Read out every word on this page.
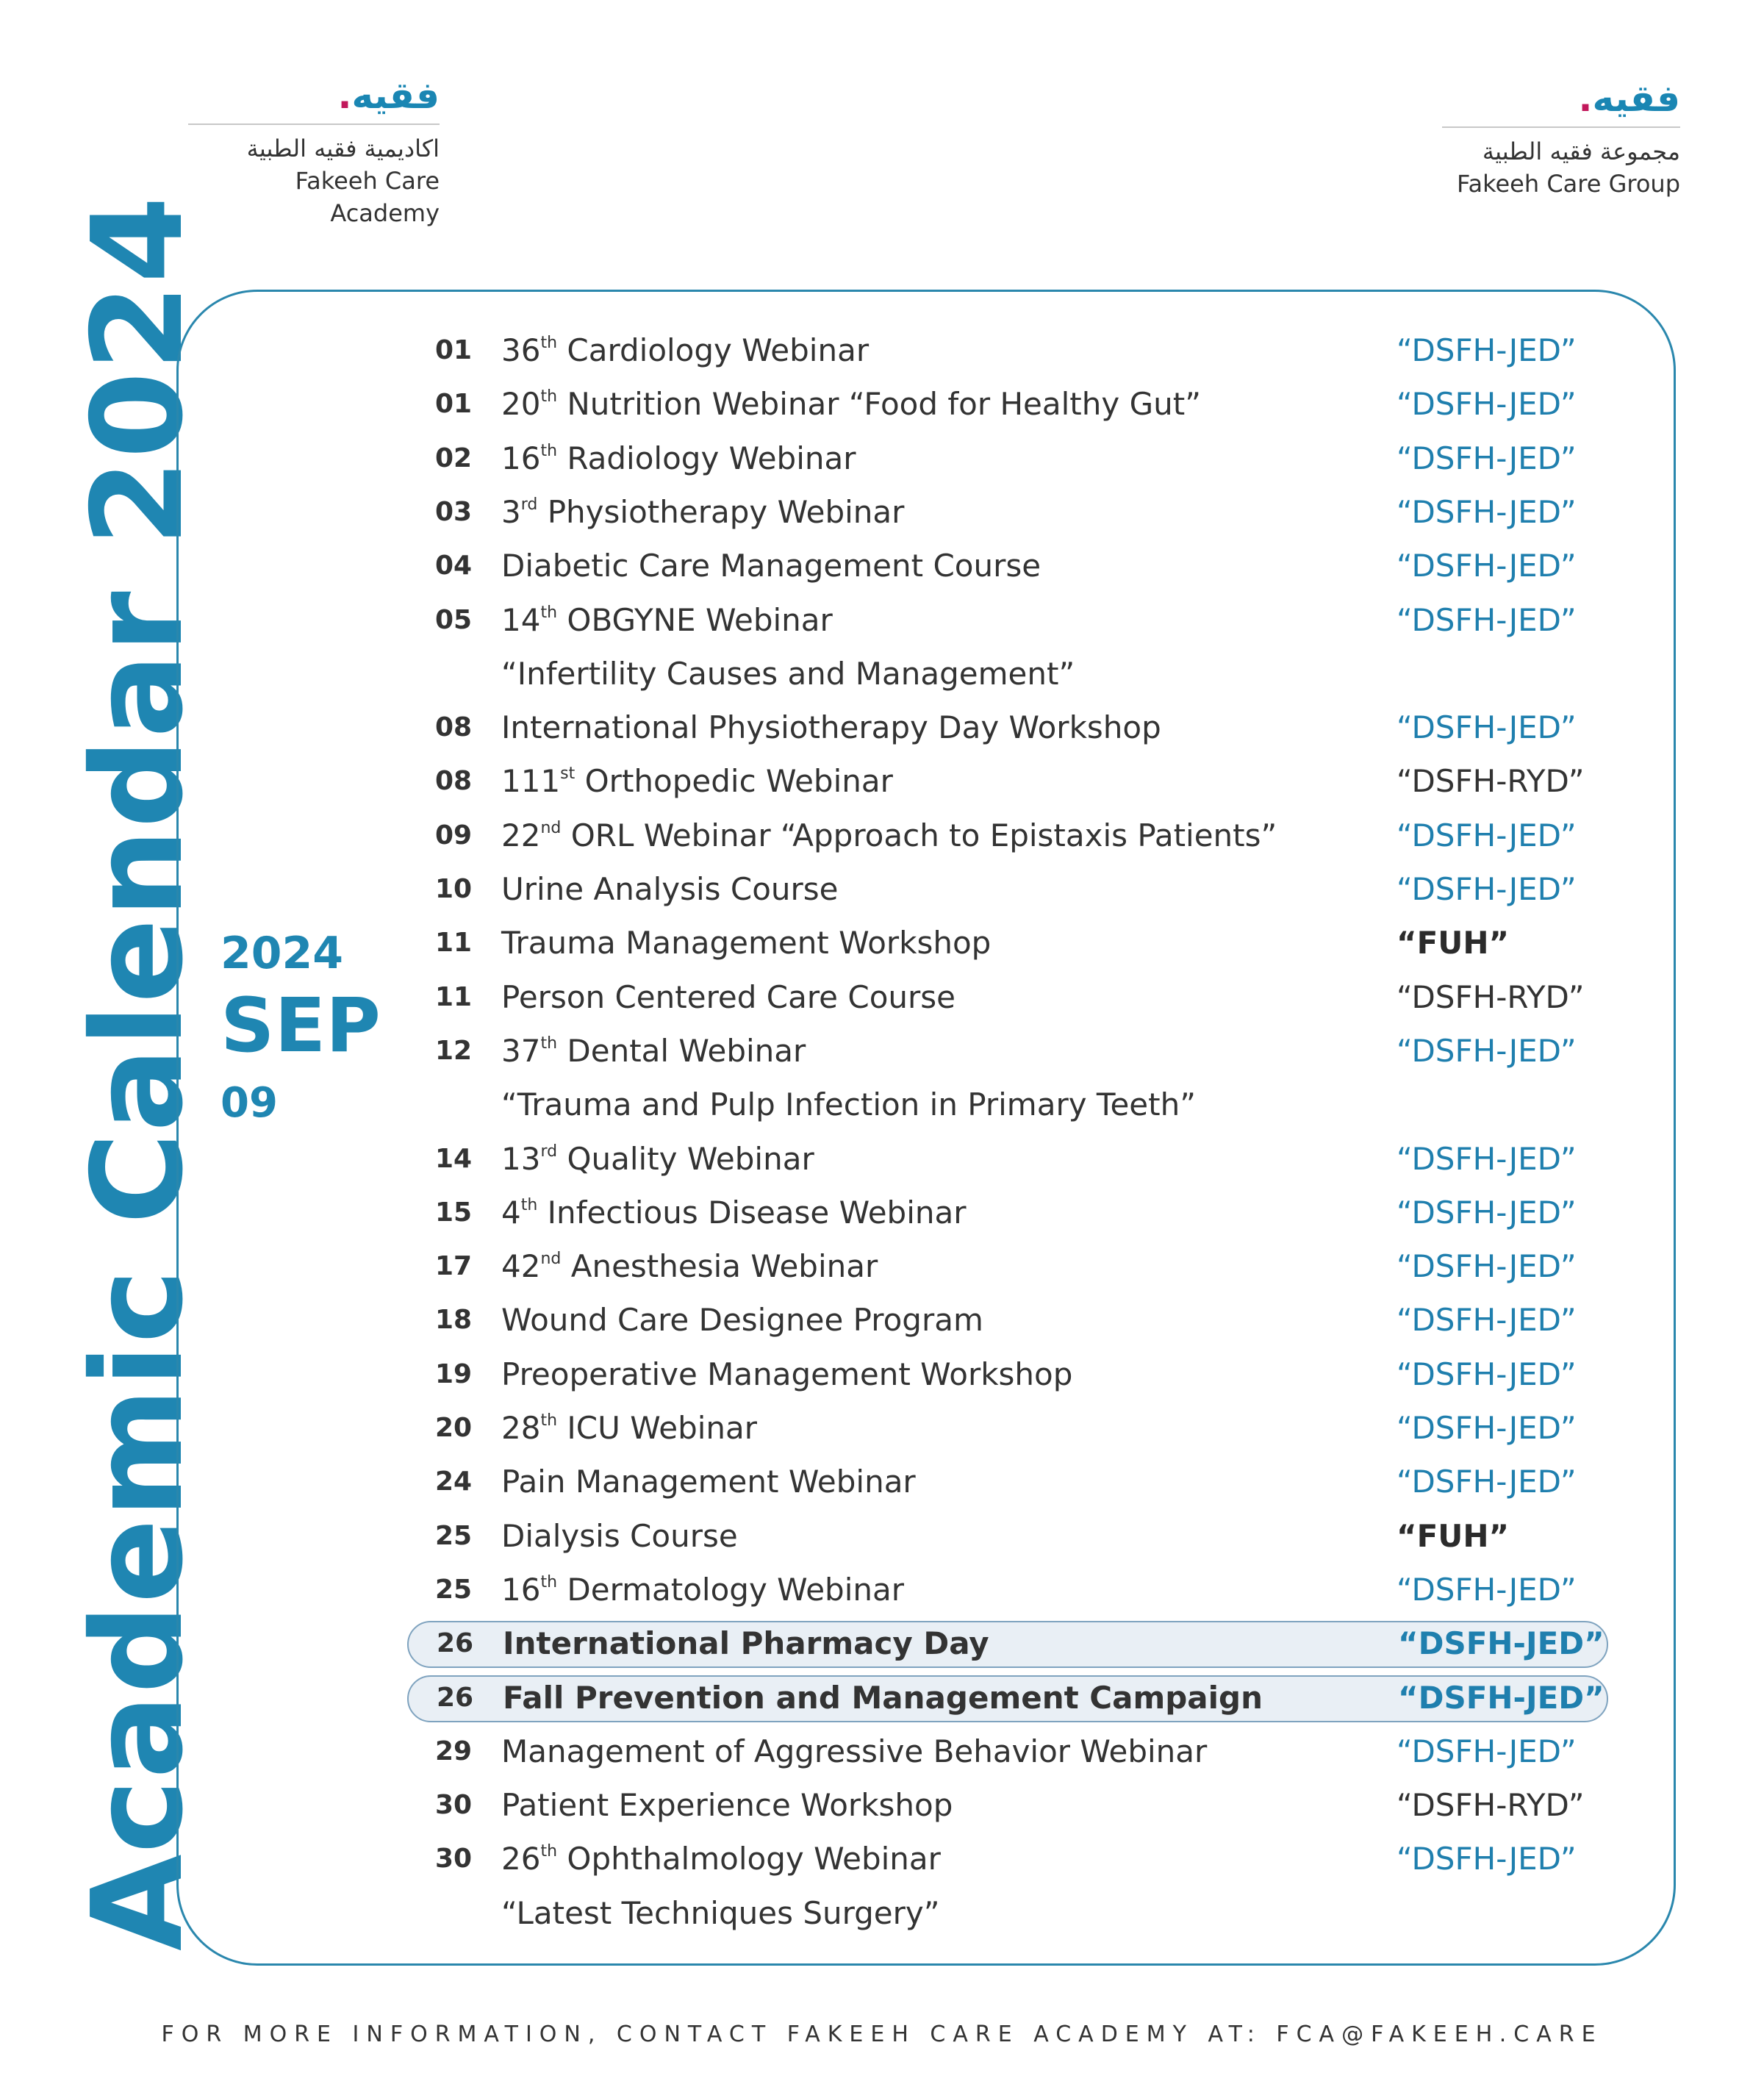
فقيه.
اكاديمية فقيه الطبية
Fakeeh Care Academy
فقيه.
مجموعة فقيه الطبية
Fakeeh Care Group
Academic Calendar 2024 2024
SEP
09
01 36th Cardiology Webinar	“DSFH-JED”
01 20th Nutrition Webinar “Food for Healthy Gut”	“DSFH-JED”
02 16th Radiology Webinar	“DSFH-JED”
03 3rd Physiotherapy Webinar	“DSFH-JED”
04 Diabetic Care Management Course	“DSFH-JED”
05 14th OBGYNE Webinar	“DSFH-JED”
“Infertility Causes and Management”
08 International Physiotherapy Day Workshop	“DSFH-JED”
08 111st Orthopedic Webinar	“DSFH-RYD”
09 22nd ORL Webinar “Approach to Epistaxis Patients”	“DSFH-JED”
10 Urine Analysis Course	“DSFH-JED”
11 Trauma Management Workshop	“FUH”
11 Person Centered Care Course	“DSFH-RYD”
12 37th Dental Webinar	“DSFH-JED”
“Trauma and Pulp Infection in Primary Teeth”
14 13rd Quality Webinar	“DSFH-JED”
15 4th Infectious Disease Webinar	“DSFH-JED”
17 42nd Anesthesia Webinar	“DSFH-JED”
18 Wound Care Designee Program	“DSFH-JED”
19 Preoperative Management Workshop	“DSFH-JED”
20 28th ICU Webinar	“DSFH-JED”
24 Pain Management Webinar	“DSFH-JED”
25 Dialysis Course	“FUH”
25 16th Dermatology Webinar	“DSFH-JED”
26 International Pharmacy Day	“DSFH-JED”
26 Fall Prevention and Management Campaign	“DSFH-JED”
29 Management of Aggressive Behavior Webinar	“DSFH-JED”
30 Patient Experience Workshop	“DSFH-RYD”
30 26th Ophthalmology Webinar	“DSFH-JED”
“Latest Techniques Surgery”
FOR MORE INFORMATION, CONTACT FAKEEH CARE ACADEMY AT: FCA@FAKEEH.CARE
